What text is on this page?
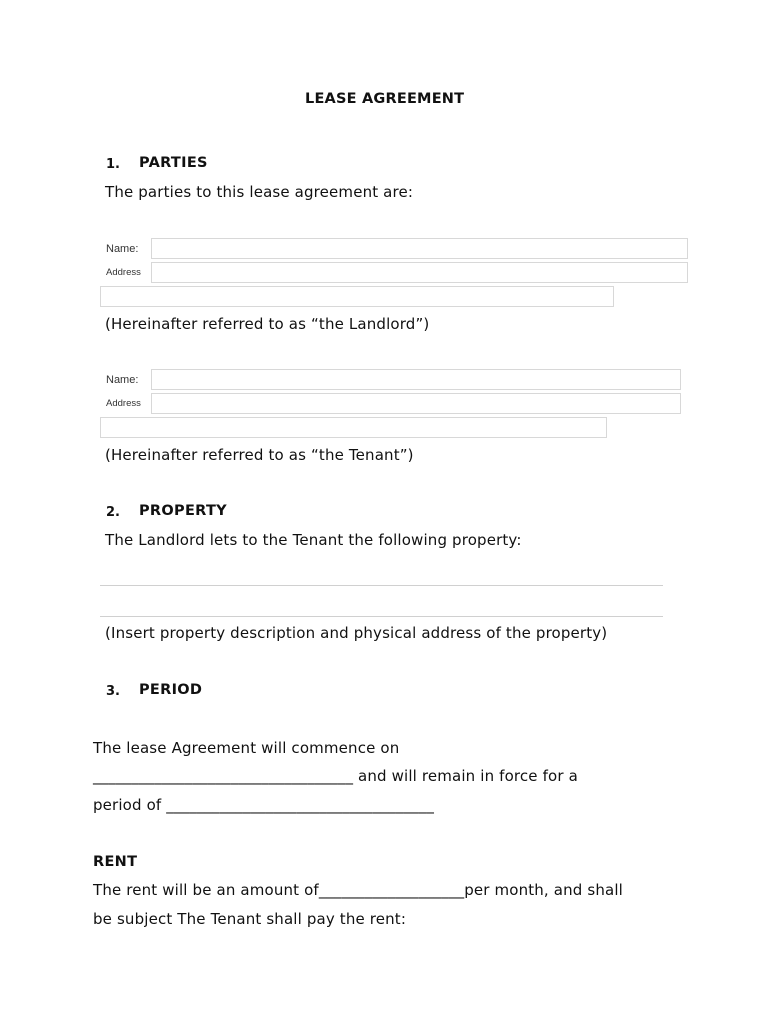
LEASE AGREEMENT
1. PARTIES
The parties to this lease agreement are:
Name:
Address
(Hereinafter referred to as “the Landlord”)
Name:
Address
(Hereinafter referred to as “the Tenant”)
2. PROPERTY
The Landlord lets to the Tenant the following property:
(Insert property description and physical address of the property)
3. PERIOD
The lease Agreement will commence on
__________________________________ and will remain in force for a
period of ___________________________________
RENT
The rent will be an amount of___________________per month, and shall
be subject The Tenant shall pay the rent:
